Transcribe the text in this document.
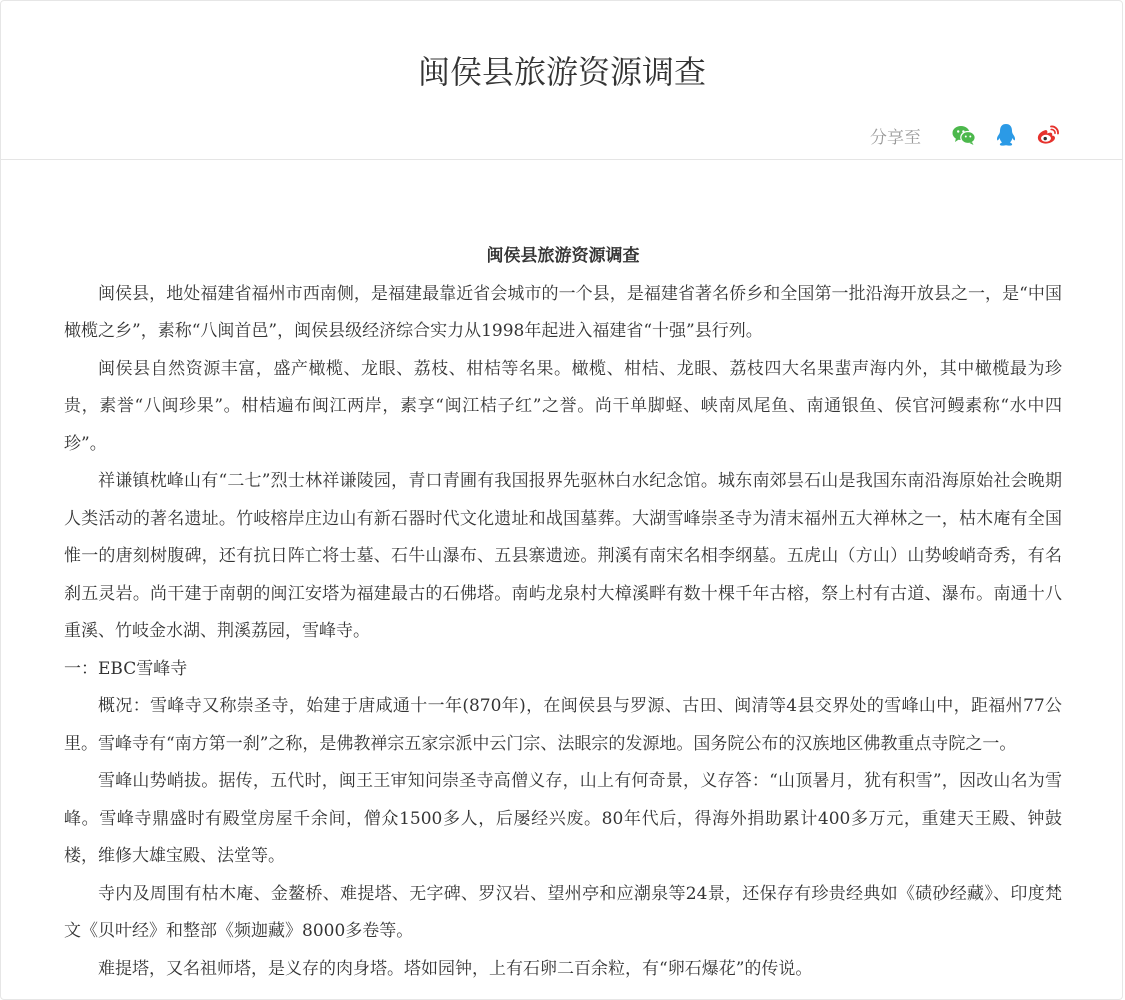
闽侯县旅游资源调查
分享至

闽侯县旅游资源调查

闽侯县，地处福建省福州市西南侧，是福建最靠近省会城市的一个县，是福建省著名侨乡和全国第一批沿海开放县之一，是“中国橄榄之乡”，素称“八闽首邑”，闽侯县级经济综合实力从1998年起进入福建省“十强”县行列。

闽侯县自然资源丰富，盛产橄榄、龙眼、荔枝、柑桔等名果。橄榄、柑桔、龙眼、荔枝四大名果蜚声海内外，其中橄榄最为珍贵，素誉“八闽珍果”。柑桔遍布闽江两岸，素享“闽江桔子红”之誉。尚干单脚蛏、峡南凤尾鱼、南通银鱼、侯官河鳗素称“水中四珍”。

祥谦镇枕峰山有“二七”烈士林祥谦陵园，青口青圃有我国报界先驱林白水纪念馆。城东南郊昙石山是我国东南沿海原始社会晚期人类活动的著名遗址。竹岐榕岸庄边山有新石器时代文化遗址和战国墓葬。大湖雪峰崇圣寺为清末福州五大禅林之一，枯木庵有全国惟一的唐刻树腹碑，还有抗日阵亡将士墓、石牛山瀑布、五县寨遗迹。荆溪有南宋名相李纲墓。五虎山（方山）山势峻峭奇秀，有名刹五灵岩。尚干建于南朝的闽江安塔为福建最古的石佛塔。南屿龙泉村大樟溪畔有数十棵千年古榕，祭上村有古道、瀑布。南通十八重溪、竹岐金水湖、荆溪荔园，雪峰寺。

一：EBC雪峰寺

概况：雪峰寺又称崇圣寺，始建于唐咸通十一年(870年)，在闽侯县与罗源、古田、闽清等4县交界处的雪峰山中，距福州77公里。雪峰寺有“南方第一刹”之称，是佛教禅宗五家宗派中云门宗、法眼宗的发源地。国务院公布的汉族地区佛教重点寺院之一。

雪峰山势峭拔。据传，五代时，闽王王审知问崇圣寺高僧义存，山上有何奇景，义存答：“山顶暑月，犹有积雪”，因改山名为雪峰。雪峰寺鼎盛时有殿堂房屋千余间，僧众1500多人，后屡经兴废。80年代后，得海外捐助累计400多万元，重建天王殿、钟鼓楼，维修大雄宝殿、法堂等。

寺内及周围有枯木庵、金鳌桥、难提塔、无字碑、罗汉岩、望州亭和应潮泉等24景，还保存有珍贵经典如《碛砂经藏》、印度梵文《贝叶经》和整部《频迦藏》8000多卷等。

难提塔，又名祖师塔，是义存的肉身塔。塔如园钟，上有石卵二百余粒，有“卵石爆花”的传说。
